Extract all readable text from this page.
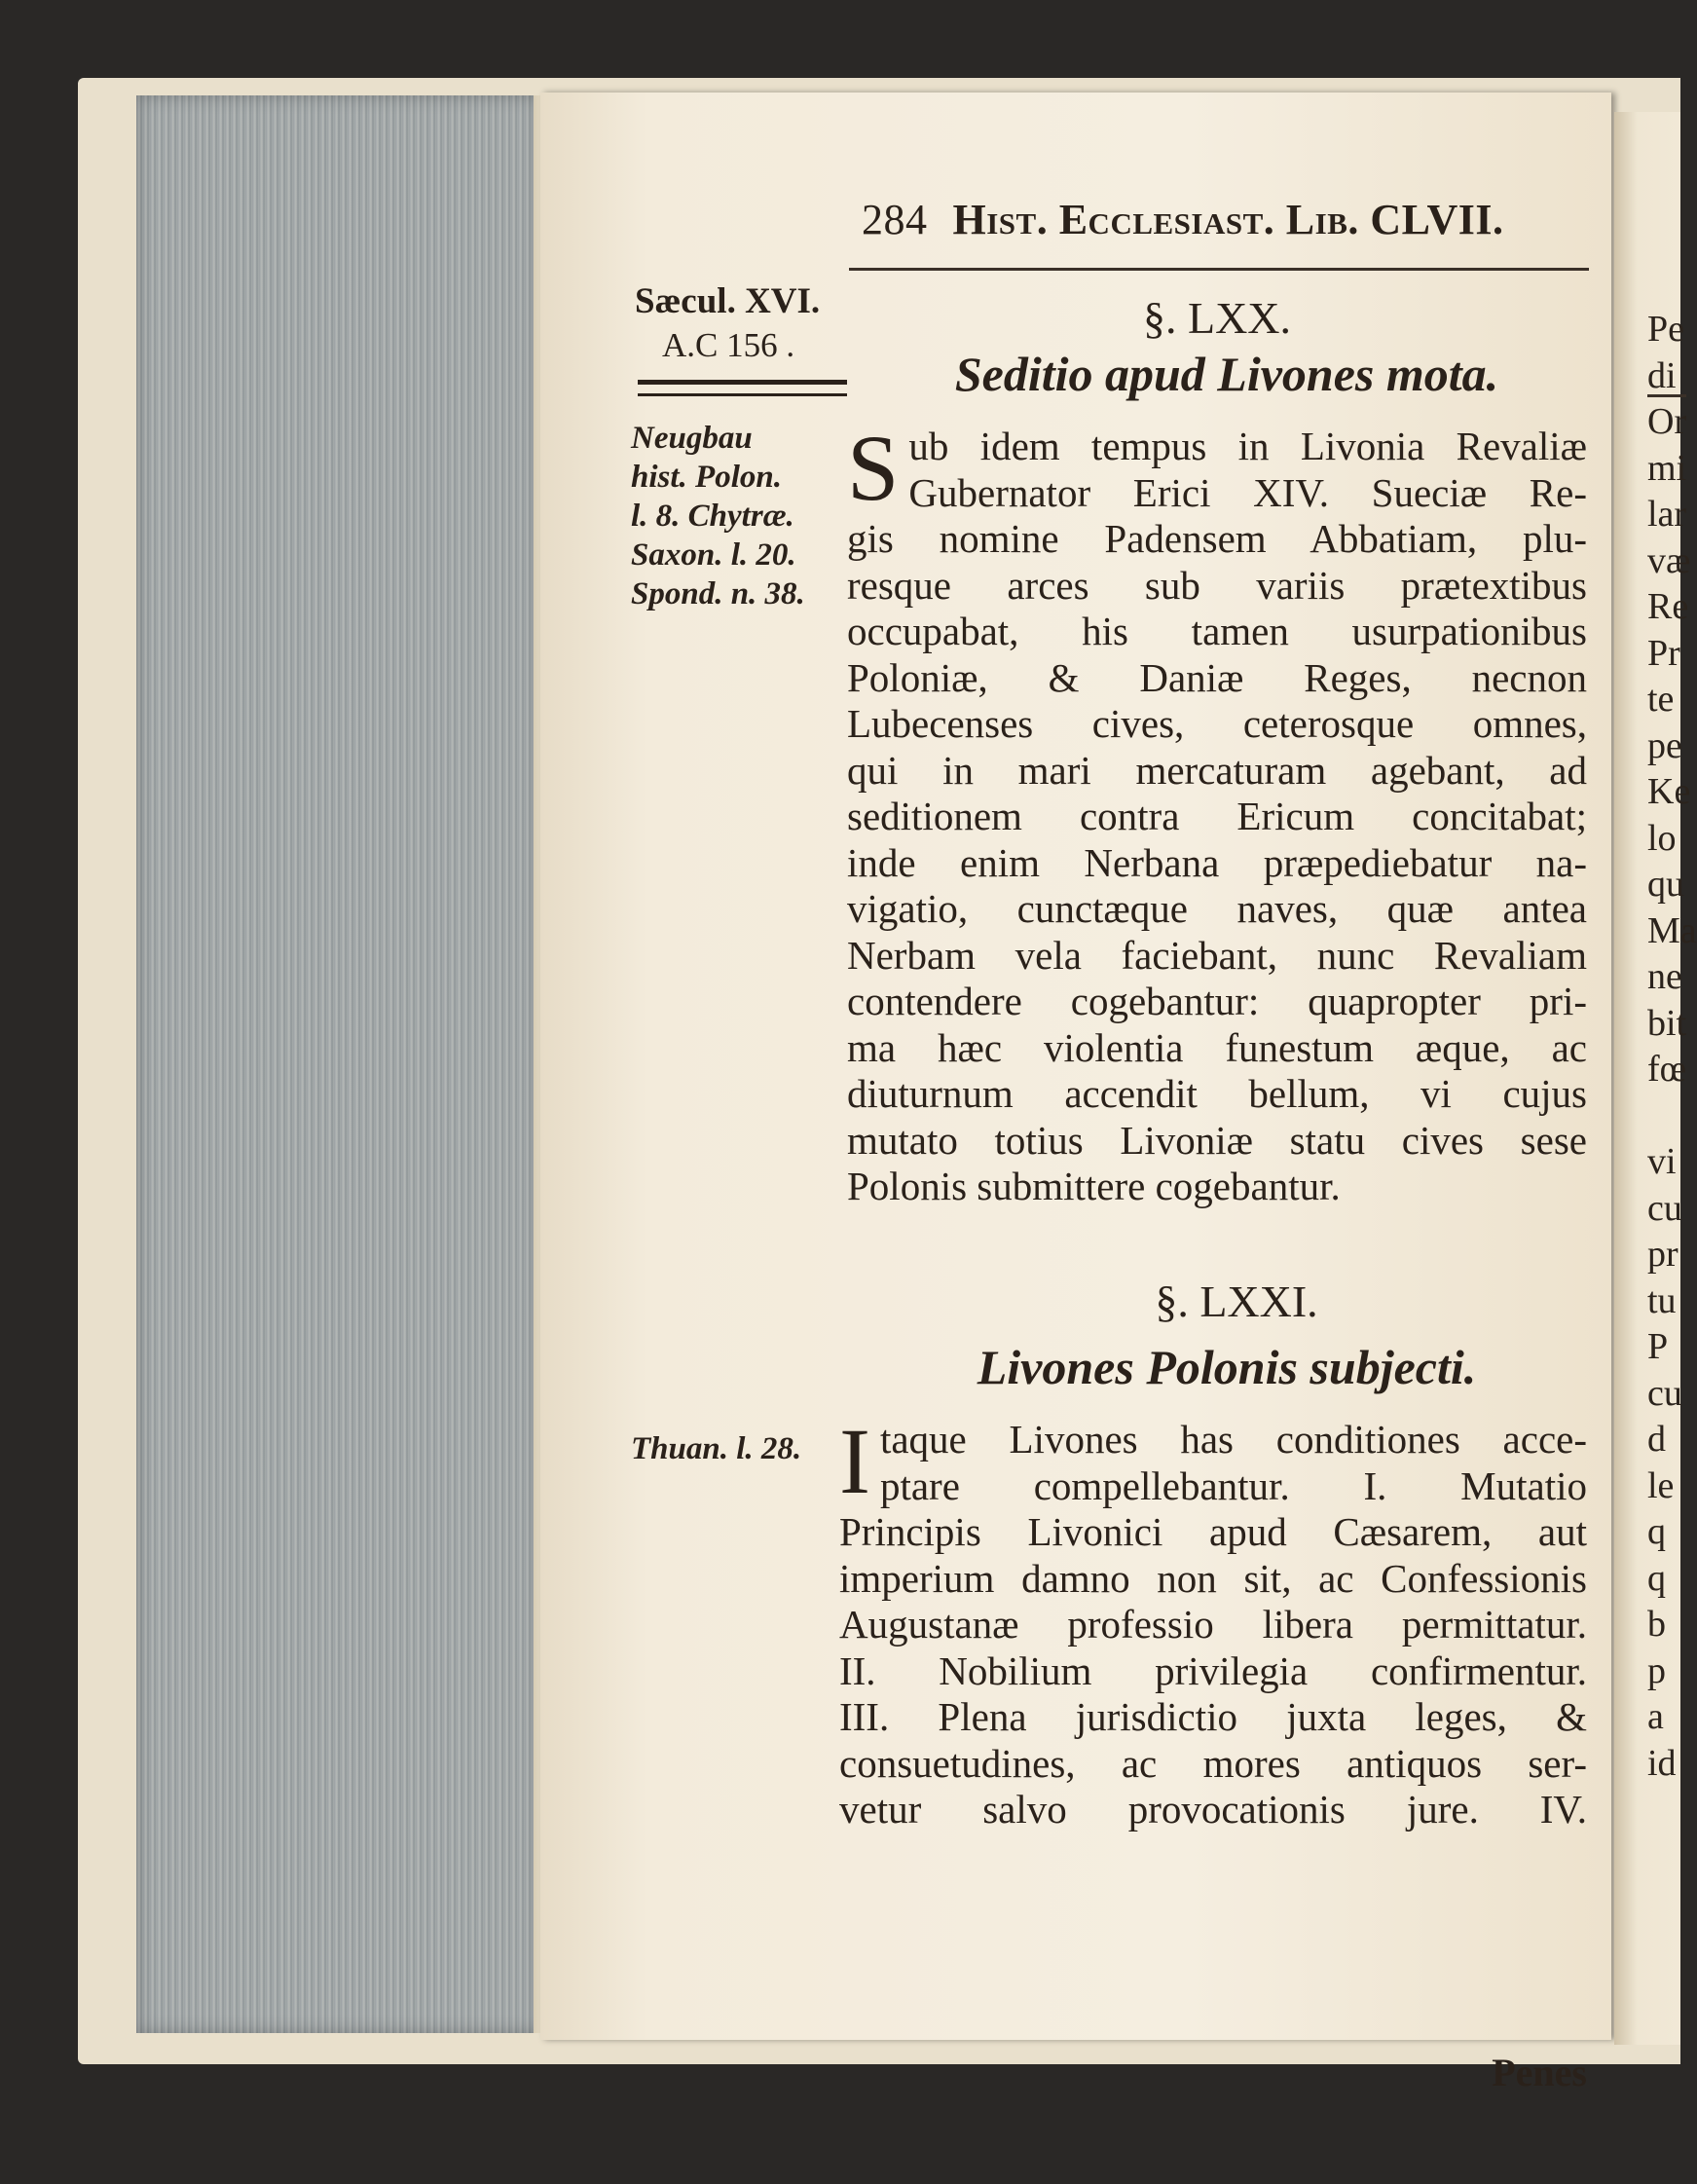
Pe
di
Or
mi
lar
væ
Re
Pr
te
pe
Ke
lo
qu
Ma
ne
bit
fœ

vi
cu
pr
tu
P
cu
d
le
q
q
b
p
a
id
284 Hist. Ecclesiast. Lib. CLVII.
Sæcul. XVI.
A.C 156 .
Neugbau
hist. Polon.
l. 8. Chytræ.
Saxon. l. 20.
Spond. n. 38.
Thuan. l. 28.
§. LXX.
Seditio apud Livones mota.
S ub idem tempus in Livonia Revaliæ
Gubernator Erici XIV. Sueciæ Re-
gis nomine Padensem Abbatiam, plu-
resque arces sub variis prætextibus
occupabat, his tamen usurpationibus
Poloniæ, & Daniæ Reges, necnon
Lubecenses cives, ceterosque omnes,
qui in mari mercaturam agebant, ad
seditionem contra Ericum concitabat;
inde enim Nerbana præpediebatur na-
vigatio, cunctæque naves, quæ antea
Nerbam vela faciebant, nunc Revaliam
contendere cogebantur: quapropter pri-
ma hæc violentia funestum æque, ac
diuturnum accendit bellum, vi cujus
mutato totius Livoniæ statu cives sese
Polonis submittere cogebantur.
§. LXXI.
Livones Polonis subjecti.
I taque Livones has conditiones acce-
ptare compellebantur. I. Mutatio
Principis Livonici apud Cæsarem, aut
imperium damno non sit, ac Confessionis
Augustanæ professio libera permittatur.
II. Nobilium privilegia confirmentur.
III. Plena jurisdictio juxta leges, &
consuetudines, ac mores antiquos ser-
vetur salvo provocationis jure. IV.
Penes
